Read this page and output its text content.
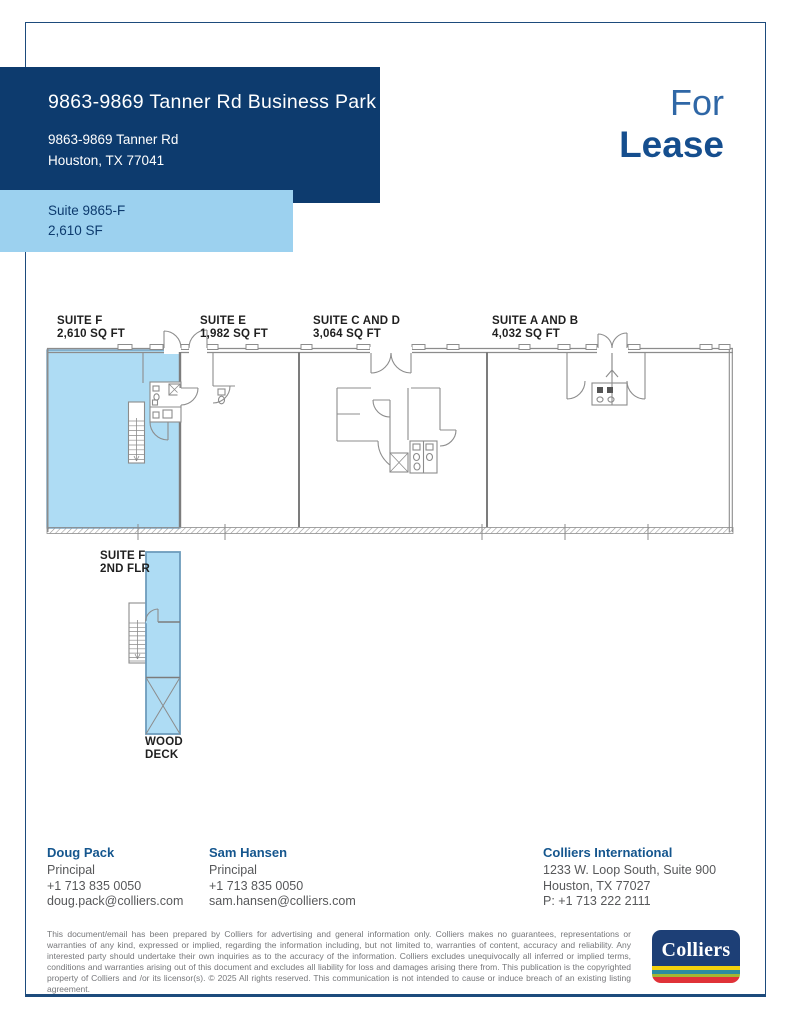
9863-9869 Tanner Rd Business Park
9863-9869 Tanner Rd
Houston, TX 77041
Suite 9865-F
2,610 SF
For
Lease
SUITE F
2,610 SQ FT
SUITE E
1,982 SQ FT
SUITE C AND D
3,064 SQ FT
SUITE A AND B
4,032 SQ FT
SUITE F
2ND FLR
WOOD DECK
Doug Pack
Principal
+1 713 835 0050
doug.pack@colliers.com
Sam Hansen
Principal
+1 713 835 0050
sam.hansen@colliers.com
Colliers International
1233 W. Loop South, Suite 900
Houston, TX 77027
P: +1 713 222 2111
This document/email has been prepared by Colliers for advertising and general information only. Colliers makes no guarantees, representations or warranties of any kind, expressed or implied, regarding the information including, but not limited to, warranties of content, accuracy and reliability. Any interested party should undertake their own inquiries as to the accuracy of the information. Colliers excludes unequivocally all inferred or implied terms, conditions and warranties arising out of this document and excludes all liability for loss and damages arising there from. This publication is the copyrighted property of Colliers and /or its licensor(s). © 2025 All rights reserved. This communication is not intended to cause or induce breach of an existing listing agreement.
Colliers
